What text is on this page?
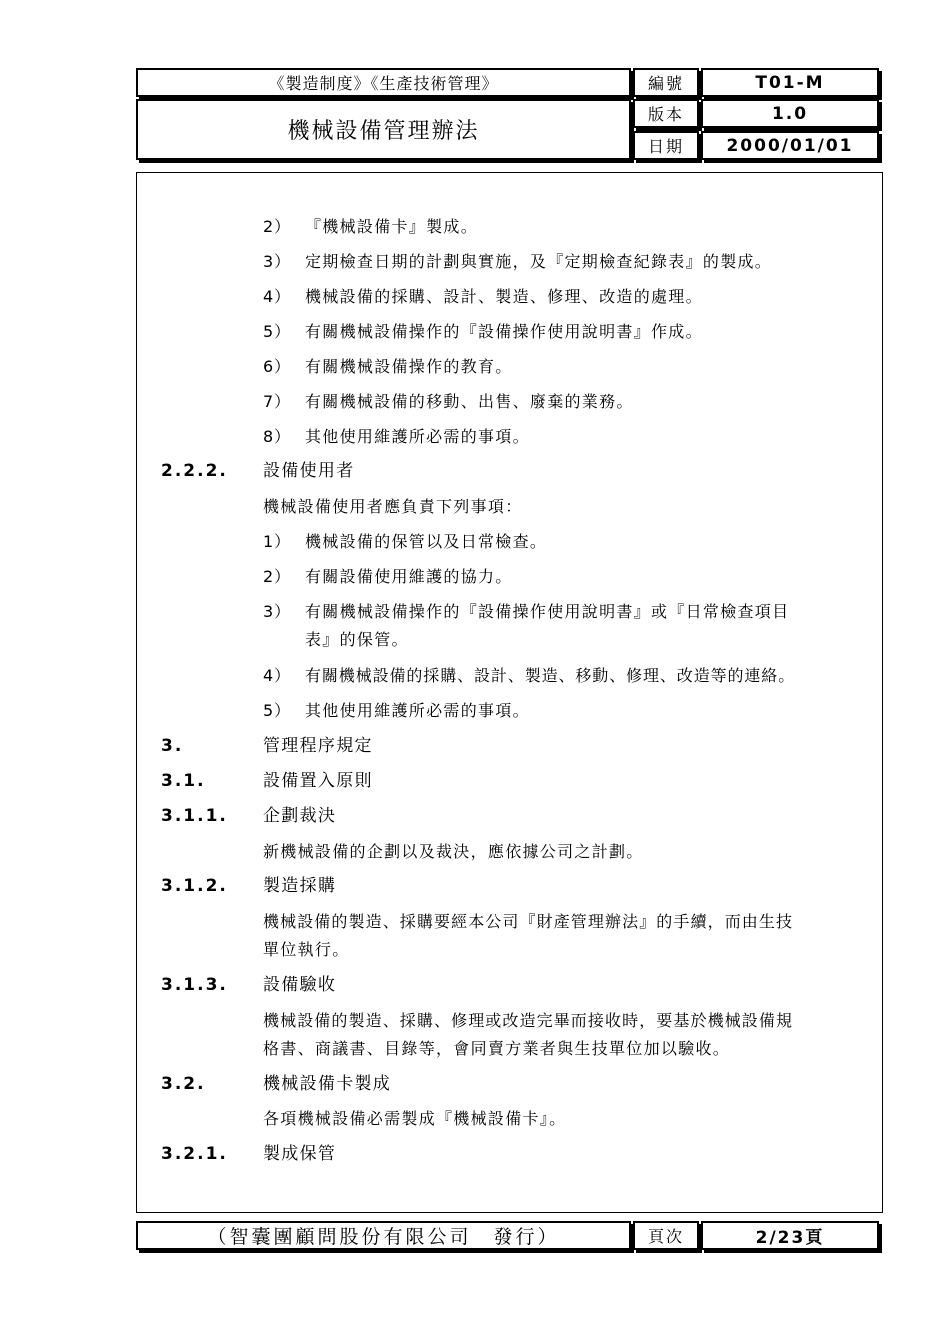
《製造制度》《生產技術管理》	編號	T01-M
機械設備管理辦法
版本	1.0
日期 2000/01/01
2） 『機械設備卡』製成。
3） 定期檢查日期的計劃與實施，及『定期檢查紀錄表』的製成。
4） 機械設備的採購、設計、製造、修理、改造的處理。
5） 有關機械設備操作的『設備操作使用說明書』作成。
6） 有關機械設備操作的教育。
7） 有關機械設備的移動、出售、廢棄的業務。
8） 其他使用維護所必需的事項。
2.2.2. 設備使用者
機械設備使用者應負責下列事項：
1） 機械設備的保管以及日常檢查。
2） 有關設備使用維護的協力。
3） 有關機械設備操作的『設備操作使用說明書』或『日常檢查項目
表』的保管。
4） 有關機械設備的採購、設計、製造、移動、修理、改造等的連絡。
5） 其他使用維護所必需的事項。
3.	管理程序規定
3.1.	設備置入原則
3.1.1. 企劃裁決
新機械設備的企劃以及裁決，應依據公司之計劃。
3.1.2. 製造採購
機械設備的製造、採購要經本公司『財產管理辦法』的手續，而由生技
單位執行。
3.1.3. 設備驗收
機械設備的製造、採購、修理或改造完畢而接收時，要基於機械設備規
格書、商議書、目錄等，會同賣方業者與生技單位加以驗收。
3.2.	機械設備卡製成
各項機械設備必需製成『機械設備卡』。
3.2.1. 製成保管
（智囊團顧問股份有限公司　發行）	頁次	2/23頁
